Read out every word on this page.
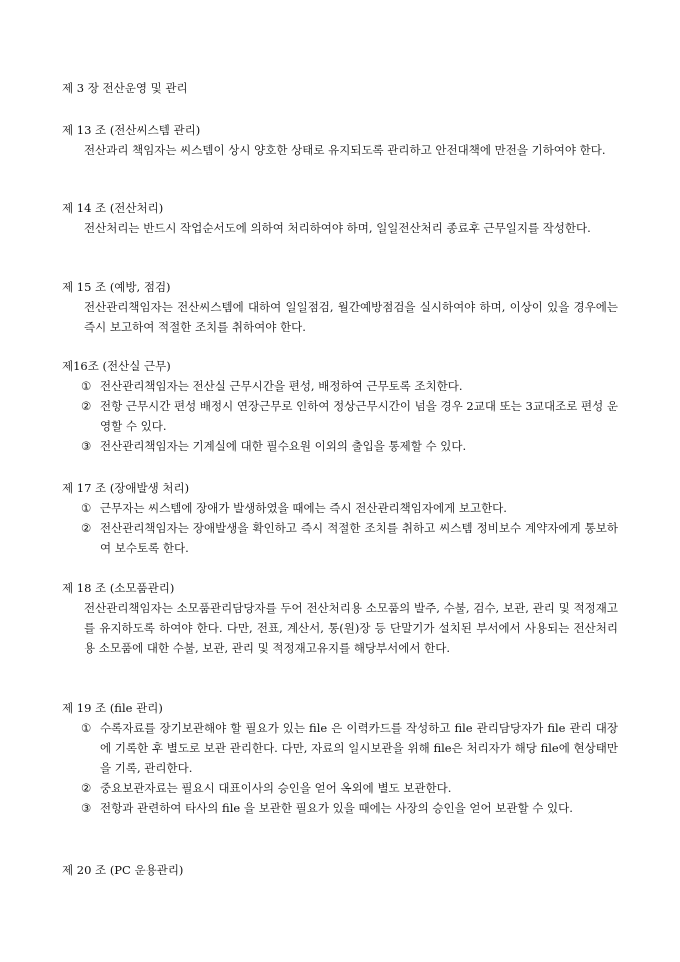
제 3 장 전산운영 및 관리
제 13 조 (전산씨스템 관리)
전산과리 책임자는 씨스템이 상시 양호한 상태로 유지되도록 관리하고 안전대책에 만전을 기하여야 한다.
제 14 조 (전산처리)
전산처리는 반드시 작업순서도에 의하여 처리하여야 하며, 일일전산처리 종료후 근무일지를 작성한다.
제 15 조 (예방, 점검)
전산관리책임자는 전산씨스템에 대하여 일일점검, 월간예방점검을 실시하여야 하며, 이상이 있을 경우에는 즉시 보고하여 적절한 조치를 취하여야 한다.
제16조 (전산실 근무)
① 전산관리책임자는 전산실 근무시간을 편성, 배정하여 근무토록 조치한다.
② 전항 근무시간 편성 배정시 연장근무로 인하여 정상근무시간이 넘을 경우 2교대 또는 3교대조로 편성 운영할 수 있다.
③ 전산관리책임자는 기계실에 대한 필수요원 이외의 출입을 통제할 수 있다.
제 17 조 (장애발생 처리)
① 근무자는 씨스템에 장애가 발생하였을 때에는 즉시 전산관리책임자에게 보고한다.
② 전산관리책임자는 장애발생을 확인하고 즉시 적절한 조치를 취하고 씨스템 정비보수 계약자에게 통보하여 보수토록 한다.
제 18 조 (소모품관리)
전산관리책임자는 소모품관리담당자를 두어 전산처리용 소모품의 발주, 수불, 검수, 보관, 관리 및 적정재고를 유지하도록 하여야 한다. 다만, 전표, 계산서, 통(원)장 등 단말기가 설치된 부서에서 사용되는 전산처리용 소모품에 대한 수불, 보관, 관리 및 적정재고유지를 해당부서에서 한다.
제 19 조 (file 관리)
① 수록자료를 장기보관해야 할 필요가 있는 file 은 이력카드를 작성하고 file 관리담당자가 file 관리 대장에 기록한 후 별도로 보관 관리한다. 다만, 자료의 일시보관을 위해 file은 처리자가 해당 file에 현상태만을 기록, 관리한다.
② 중요보관자료는 필요시 대표이사의 승인을 얻어 옥외에 별도 보관한다.
③ 전항과 관련하여 타사의 file 을 보관한 필요가 있을 때에는 사장의 승인을 얻어 보관할 수 있다.
제 20 조 (PC 운용관리)
